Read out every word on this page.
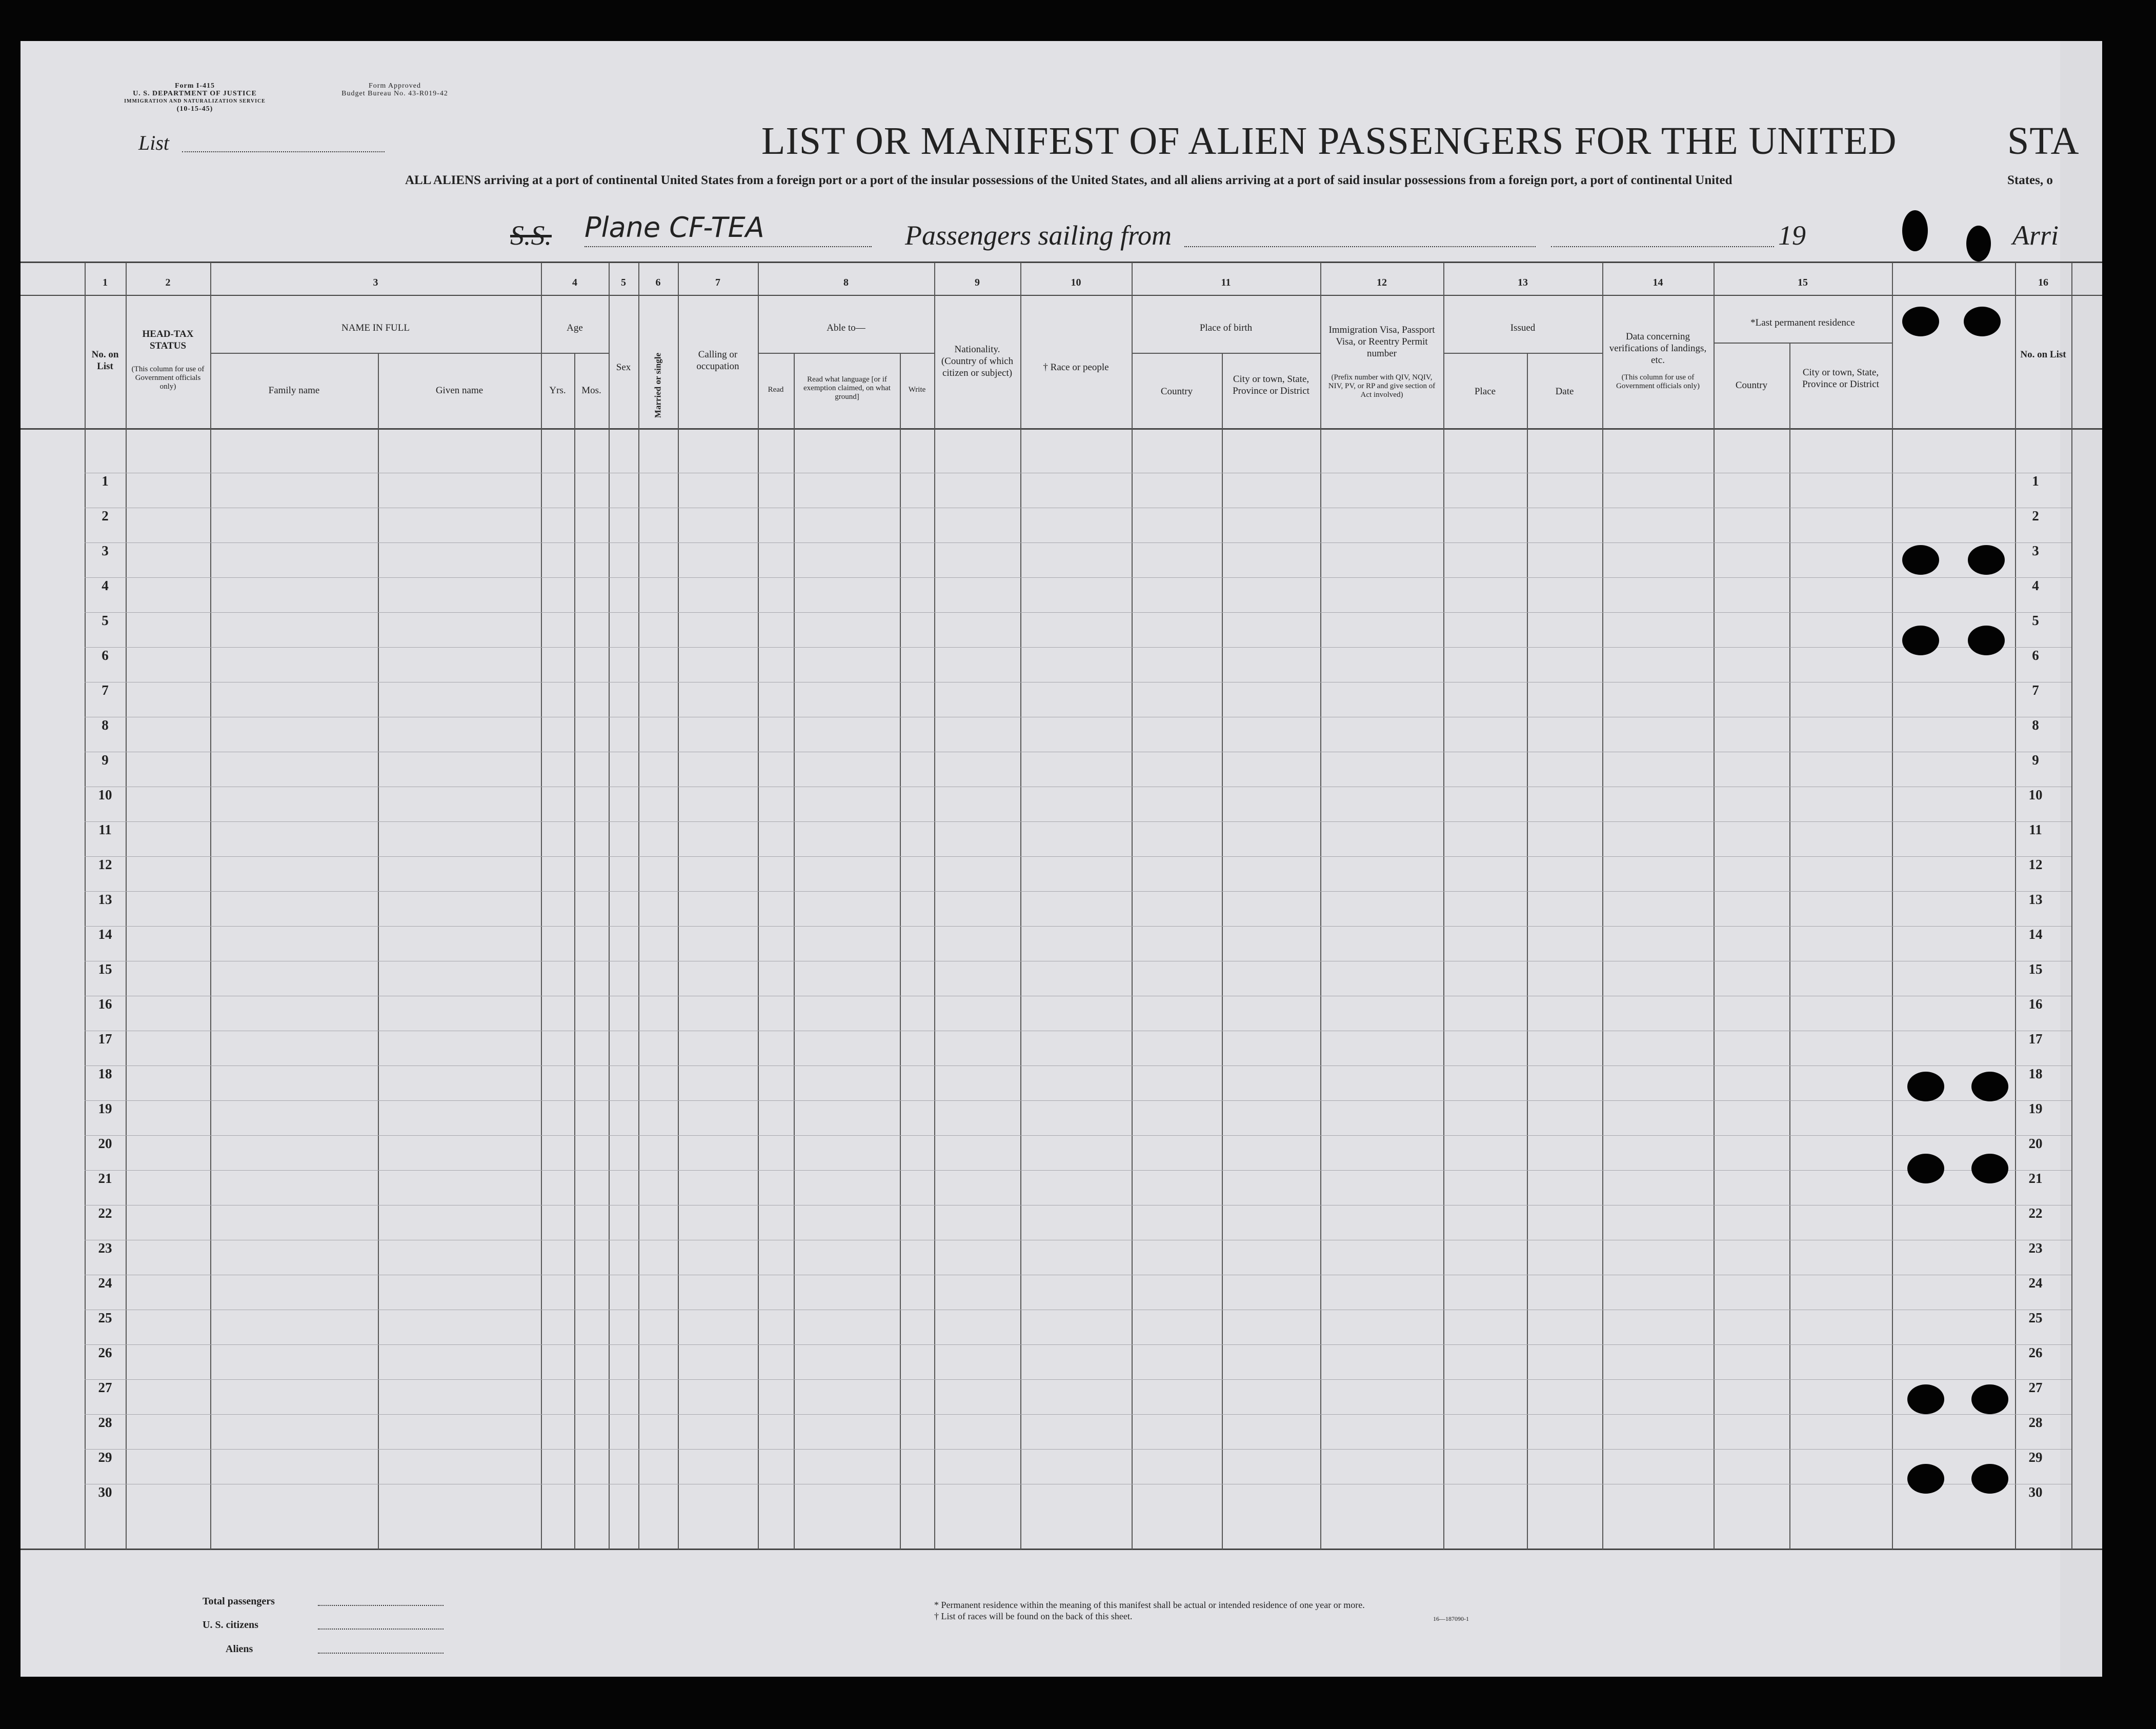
Form I-415
U. S. DEPARTMENT OF JUSTICE
IMMIGRATION AND NATURALIZATION SERVICE
(10-15-45)
Form Approved
Budget Bureau No. 43-R019-42
List	LIST OR MANIFEST OF ALIEN PASSENGERS FOR THE UNITED	STA
ALL ALIENS arriving at a port of continental United States from a foreign port or a port of the insular possessions of the United States, and all aliens arriving at a port of said insular possessions from a foreign port, a port of continental United	States, o
S.S. Plane CF-TEA	Passengers sailing from	19	Arri
1	2	3	4	5	6	7	8	9	10	11	12	13	14	15	16
No. on List
HEAD-TAX STATUS
(This column for use of Government officials only)
NAME IN FULL
Family name	Given name
Age
Yrs.	Mos.
Sex	Married or single	Calling or occupation
Able to—
Read
Read what language [or if exemption claimed, on what ground]
Write
Nationality. (Country of which citizen or subject)
† Race or people
Place of birth
Country
City or town, State, Province or District
Immigration Visa, Passport Visa, or Reentry Permit number
(Prefix number with QIV, NQIV, NIV, PV, or RP and give section of Act involved)
Issued
Place	Date
Data concerning verifications of landings, etc.
(This column for use of Government officials only)
*Last permanent residence
Country
City or town, State, Province or District
No. on List
1	1
2	2
3	3
4	4
5	5
6	6
7	7
8	8
9	9
10	10
11	11
12	12
13	13
14	14
15	15
16	16
17	17
18	18
19	19
20	20
21	21
22	22
23	23
24	24
25	25
26	26
27	27
28	28
29	29
30	30
Total passengers
U. S. citizens
Aliens
* Permanent residence within the meaning of this manifest shall be actual or intended residence of one year or more.
† List of races will be found on the back of this sheet.	16—187090-1
